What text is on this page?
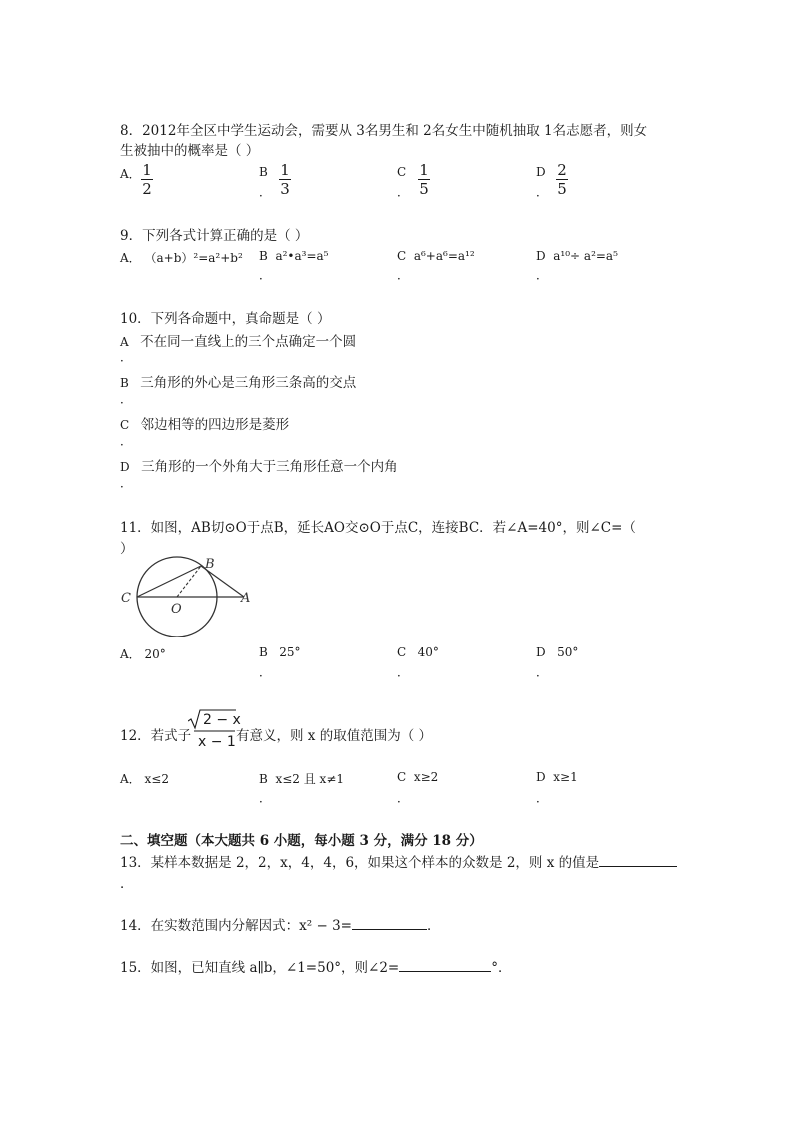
8．2012年全区中学生运动会，需要从 3名男生和 2名女生中随机抽取 1名志愿者，则女
生被抽中的概率是（ ）
A． 1
2
B
．
1
3
C
．
1
5
D
．
2
5
9．下列各式计算正确的是（ ）
A． （a+b）²=a²+b² B a²•a³=a⁵
．
C a⁶+a⁶=a¹²
．
D a¹⁰÷ a²=a⁵
．
10．下列各命题中，真命题是（ ）
A 不在同一直线上的三个点确定一个圆
．
B 三角形的外心是三角形三条高的交点
．
C 邻边相等的四边形是菱形
．
D 三角形的一个外角大于三角形任意一个内角
．
11．如图，AB切⊙O于点B，延长AO交⊙O于点C，连接BC．若∠A=40°，则∠C=（
）
C
B
O
A
A． 20°	B 25°
．
C 40°
．
D 50°
．
12．若式子
2 − x
x − 1 有意义，则 x 的取值范围为（ ）
A． x≤2	B x≤2 且 x≠1
．
C x≥2
．
D x≥1
．
二、填空题（本大题共 6 小题，每小题 3 分，满分 18 分）
13．某样本数据是 2，2，x，4，4，6，如果这个样本的众数是 2，则 x 的值是
．
14．在实数范围内分解因式：x² − 3=	．
15．如图，已知直线 a∥b，∠1=50°，则∠2=	°．
